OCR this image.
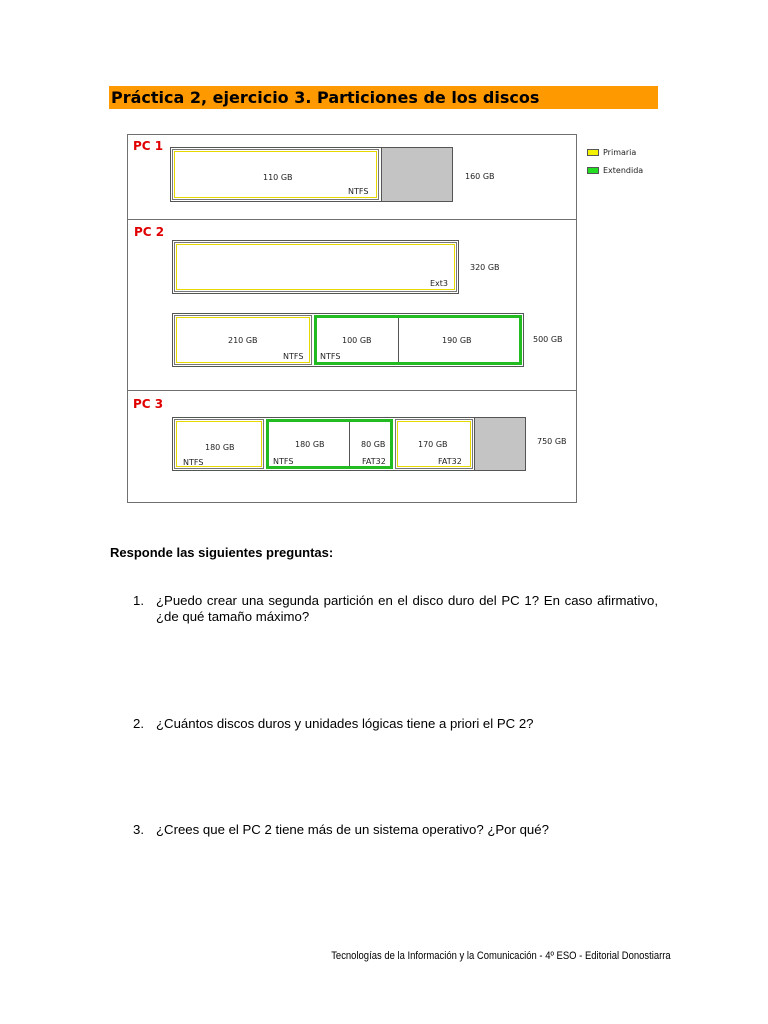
Práctica 2, ejercicio 3. Particiones de los discos
Primaria
Extendida
PC 1
110 GB
NTFS
160 GB
PC 2
Ext3
320 GB
210 GB
NTFS
100 GB
NTFS
190 GB	500 GB
PC 3
180 GB
NTFS
180 GB
NTFS
80 GB
FAT32
170 GB
FAT32
750 GB
Responde las siguientes preguntas:
1. ¿Puedo crear una segunda partición en el disco duro del PC 1? En caso afirmativo, ¿de qué tamaño máximo?
2. ¿Cuántos discos duros y unidades lógicas tiene a priori el PC 2?
3. ¿Crees que el PC 2 tiene más de un sistema operativo? ¿Por qué?
Tecnologías de la Información y la Comunicación - 4º ESO - Editorial Donostiarra
